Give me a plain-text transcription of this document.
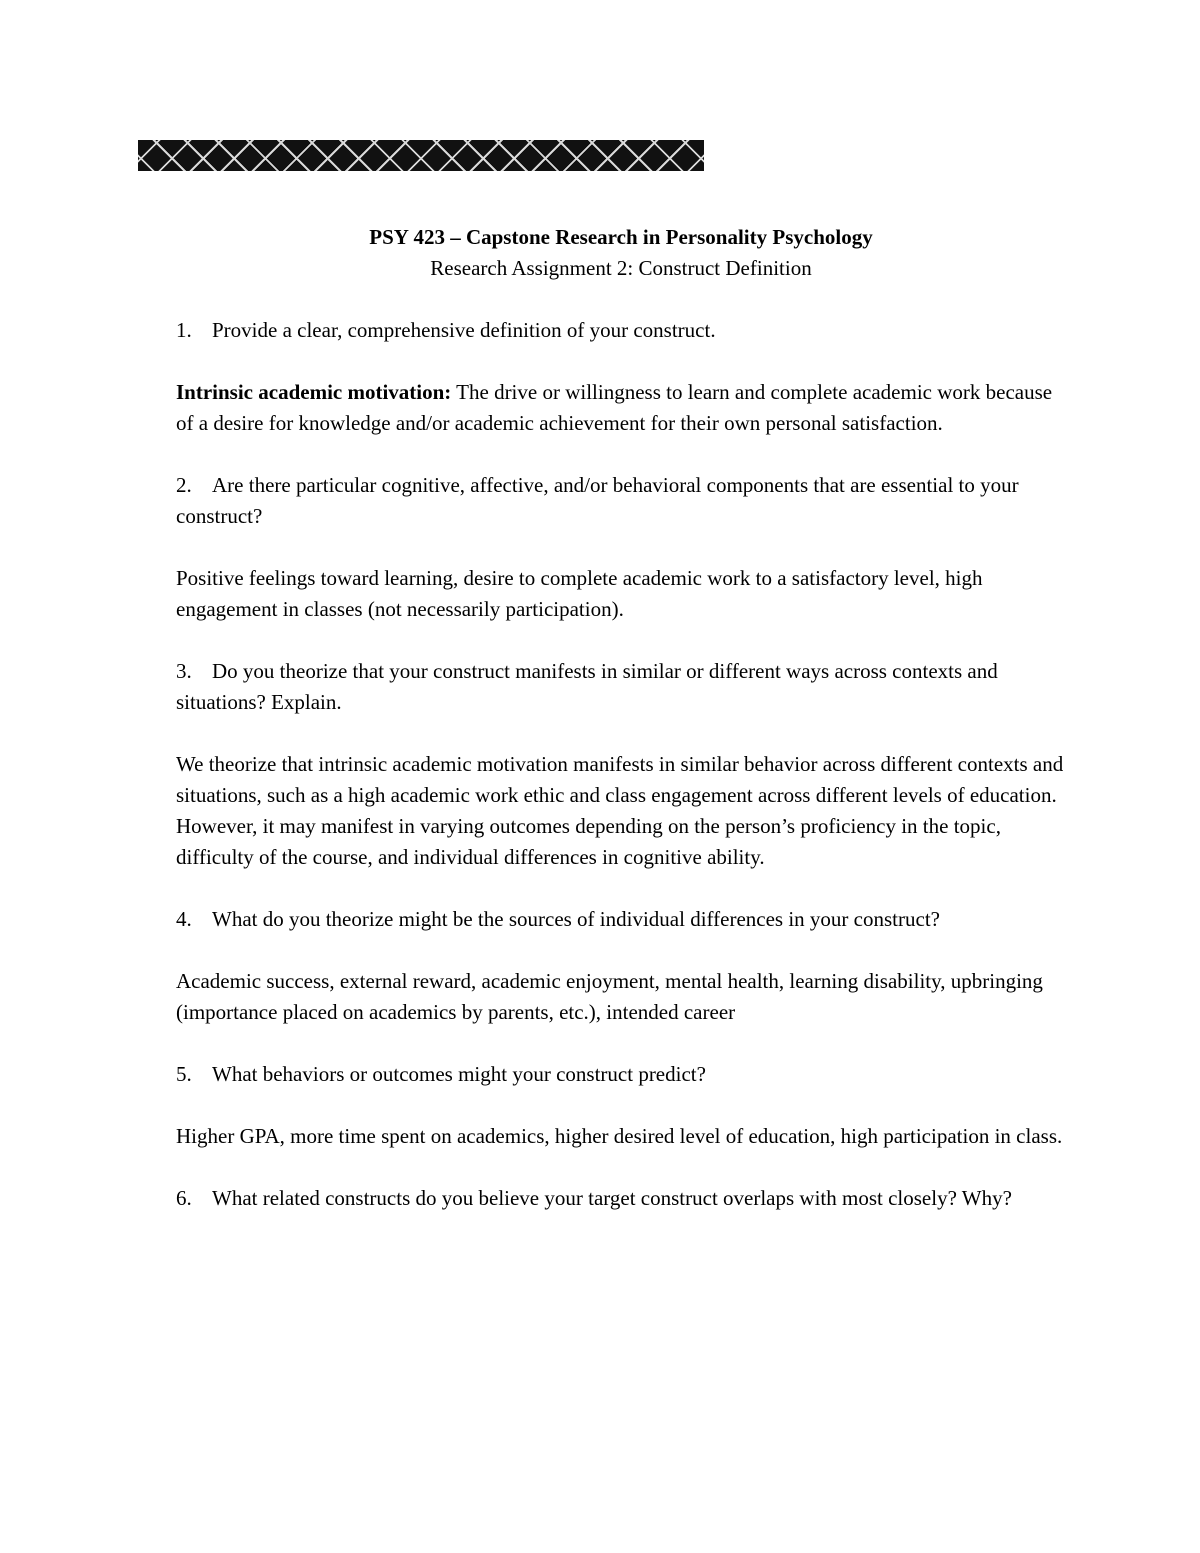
PSY 423 – Capstone Research in Personality Psychology

Research Assignment 2: Construct Definition

1. Provide a clear, comprehensive definition of your construct.

Intrinsic academic motivation: The drive or willingness to learn and complete academic work because of a desire for knowledge and/or academic achievement for their own personal satisfaction.

2. Are there particular cognitive, affective, and/or behavioral components that are essential to your construct?

Positive feelings toward learning, desire to complete academic work to a satisfactory level, high engagement in classes (not necessarily participation).

3. Do you theorize that your construct manifests in similar or different ways across contexts and situations? Explain.

We theorize that intrinsic academic motivation manifests in similar behavior across different contexts and situations, such as a high academic work ethic and class engagement across different levels of education. However, it may manifest in varying outcomes depending on the person’s proficiency in the topic, difficulty of the course, and individual differences in cognitive ability.

4. What do you theorize might be the sources of individual differences in your construct?

Academic success, external reward, academic enjoyment, mental health, learning disability, upbringing (importance placed on academics by parents, etc.), intended career

5. What behaviors or outcomes might your construct predict?

Higher GPA, more time spent on academics, higher desired level of education, high participation in class.

6. What related constructs do you believe your target construct overlaps with most closely? Why?
